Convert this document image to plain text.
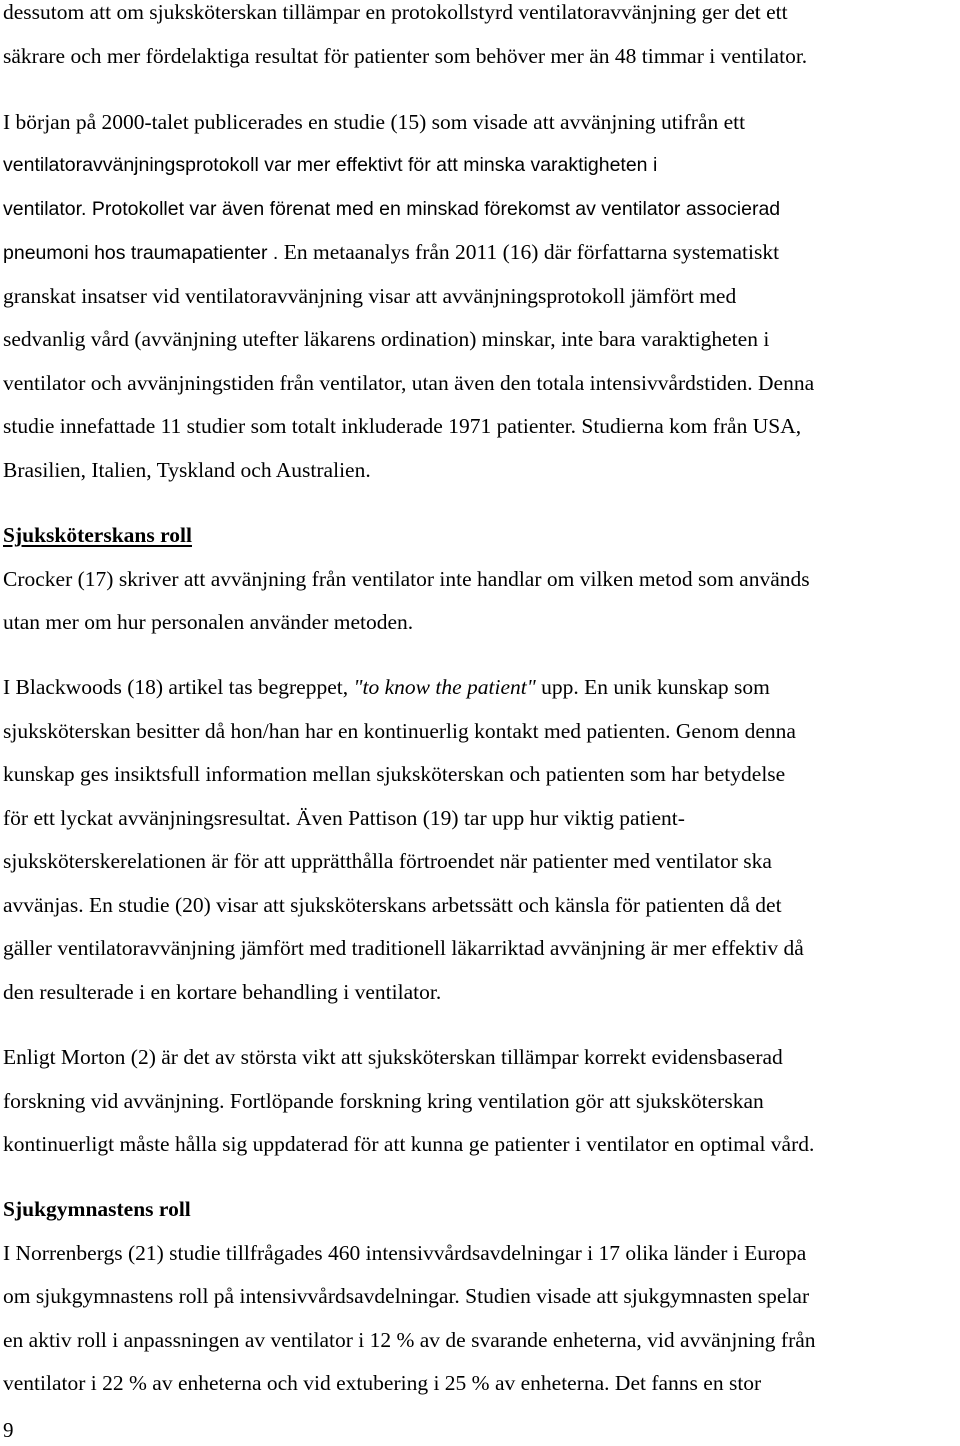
dessutom att om sjuksköterskan tillämpar en protokollstyrd ventilatoravvänjning ger det ett
säkrare och mer fördelaktiga resultat för patienter som behöver mer än 48 timmar i ventilator.
I början på 2000-talet publicerades en studie (15) som visade att avvänjning utifrån ett
ventilatoravvänjningsprotokoll var mer effektivt för att minska varaktigheten i
ventilator. Protokollet var även förenat med en minskad förekomst av ventilator associerad
pneumoni hos traumapatienter . En metaanalys från 2011 (16) där författarna systematiskt
granskat insatser vid ventilatoravvänjning visar att avvänjningsprotokoll jämfört med
sedvanlig vård (avvänjning utefter läkarens ordination) minskar, inte bara varaktigheten i
ventilator och avvänjningstiden från ventilator, utan även den totala intensivvårdstiden. Denna
studie innefattade 11 studier som totalt inkluderade 1971 patienter. Studierna kom från USA,
Brasilien, Italien, Tyskland och Australien.
Sjuksköterskans roll
Crocker (17) skriver att avvänjning från ventilator inte handlar om vilken metod som används
utan mer om hur personalen använder metoden.
I Blackwoods (18) artikel tas begreppet, "to know the patient" upp. En unik kunskap som
sjuksköterskan besitter då hon/han har en kontinuerlig kontakt med patienten. Genom denna
kunskap ges insiktsfull information mellan sjuksköterskan och patienten som har betydelse
för ett lyckat avvänjningsresultat. Även Pattison (19) tar upp hur viktig patient-
sjuksköterskerelationen är för att upprätthålla förtroendet när patienter med ventilator ska
avvänjas. En studie (20) visar att sjuksköterskans arbetssätt och känsla för patienten då det
gäller ventilatoravvänjning jämfört med traditionell läkarriktad avvänjning är mer effektiv då
den resulterade i en kortare behandling i ventilator.
Enligt Morton (2) är det av största vikt att sjuksköterskan tillämpar korrekt evidensbaserad
forskning vid avvänjning. Fortlöpande forskning kring ventilation gör att sjuksköterskan
kontinuerligt måste hålla sig uppdaterad för att kunna ge patienter i ventilator en optimal vård.
Sjukgymnastens roll
I Norrenbergs (21) studie tillfrågades 460 intensivvårdsavdelningar i 17 olika länder i Europa
om sjukgymnastens roll på intensivvårdsavdelningar. Studien visade att sjukgymnasten spelar
en aktiv roll i anpassningen av ventilator i 12 % av de svarande enheterna, vid avvänjning från
ventilator i 22 % av enheterna och vid extubering i 25 % av enheterna. Det fanns en stor
9
